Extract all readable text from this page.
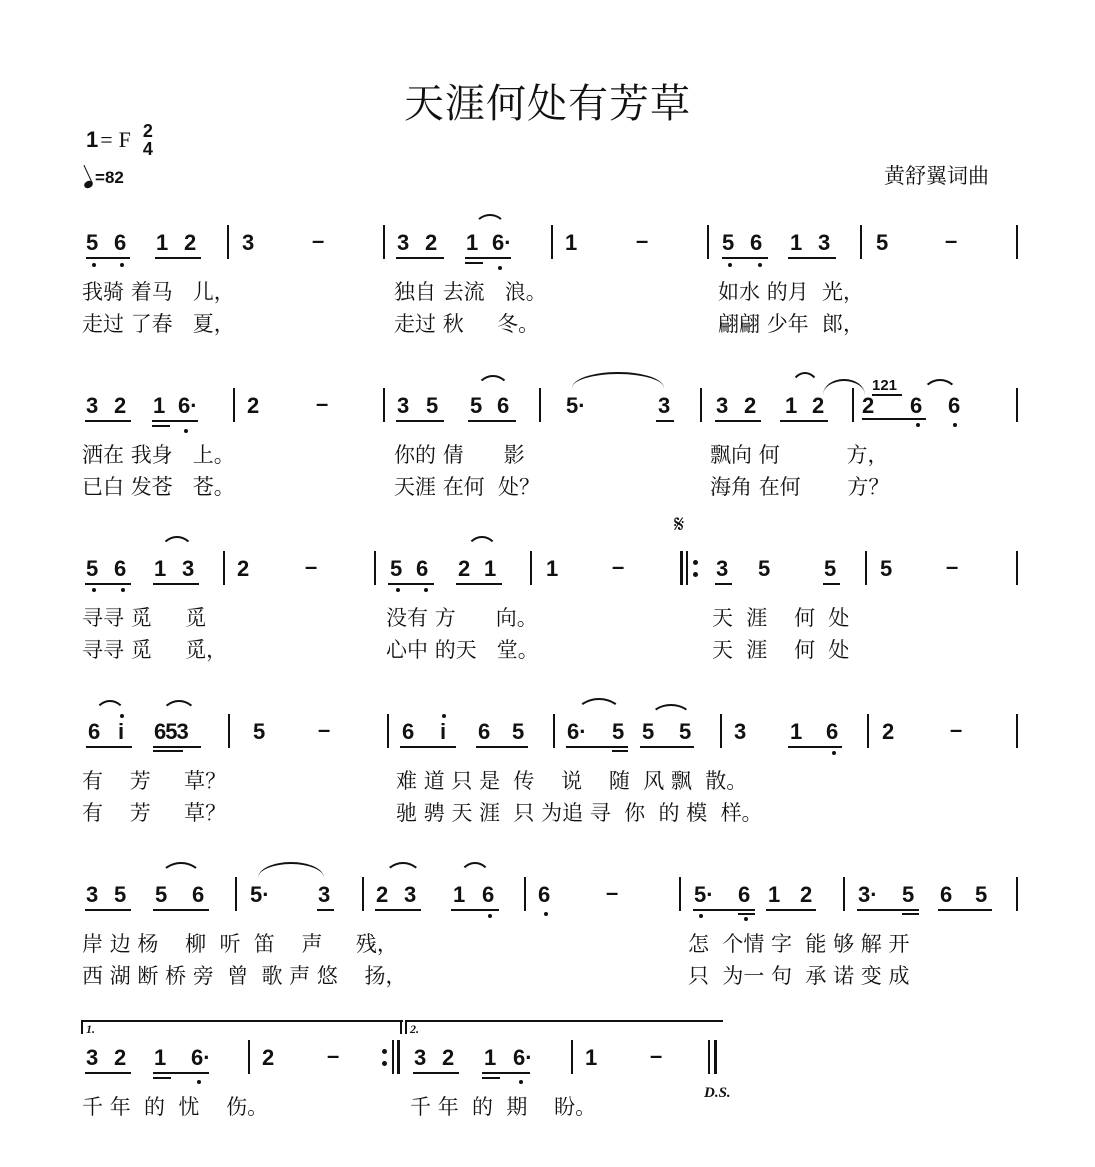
天涯何处有芳草
1 = F 2
4
= 82	黄舒翼词曲
5 6 1 2 3	–	3 2 1 6· 1	–	5 6 1 3 5	–
我骑 着马 儿，	独自 去流 浪。	如水 的月 光，
走过 了春 夏，	走过 秋 冬。	翩翩 少年 郎，
3 2 1 6· 2	–	3 5 5 6	5·	3 3 2 1 2
121
2 6 6
洒在 我身 上。	你的 倩 影	飘向 何	方，
已白 发苍 苍。	天涯 在何 处？	海角 在何 方？
5 6 1 3 2	–	5 6 2 1 1 –
𝄋
3 5 5 5 –
寻寻 觅 觅	没有 方 向。	天 涯 何 处
寻寻 觅 觅，	心中 的天 堂。	天 涯 何 处
6 i 653	5 –	6 i 6 5 6· 5 5 5 3 1 6 2	–
有 芳 草？	难 道 只 是 传 说 随 风 飘 散。
有 芳 草？	驰 骋 天 涯 只 为追 寻 你 的 模 样。
3 5 5 6 5· 3 2 3 1 6 6	–	5· 6 1 2 3· 5 6 5
岸 边 杨 柳 听 笛 声 残，	怎 个情 字 能 够 解 开
西 湖 断 桥 旁 曾 歌 声 悠 扬，	只 为一 句 承 诺 变 成
1.	2.
3 2 1 6· 2 –	3 2 1 6· 1 –
D.S.
千 年 的 忧 伤。	千 年 的 期 盼。
